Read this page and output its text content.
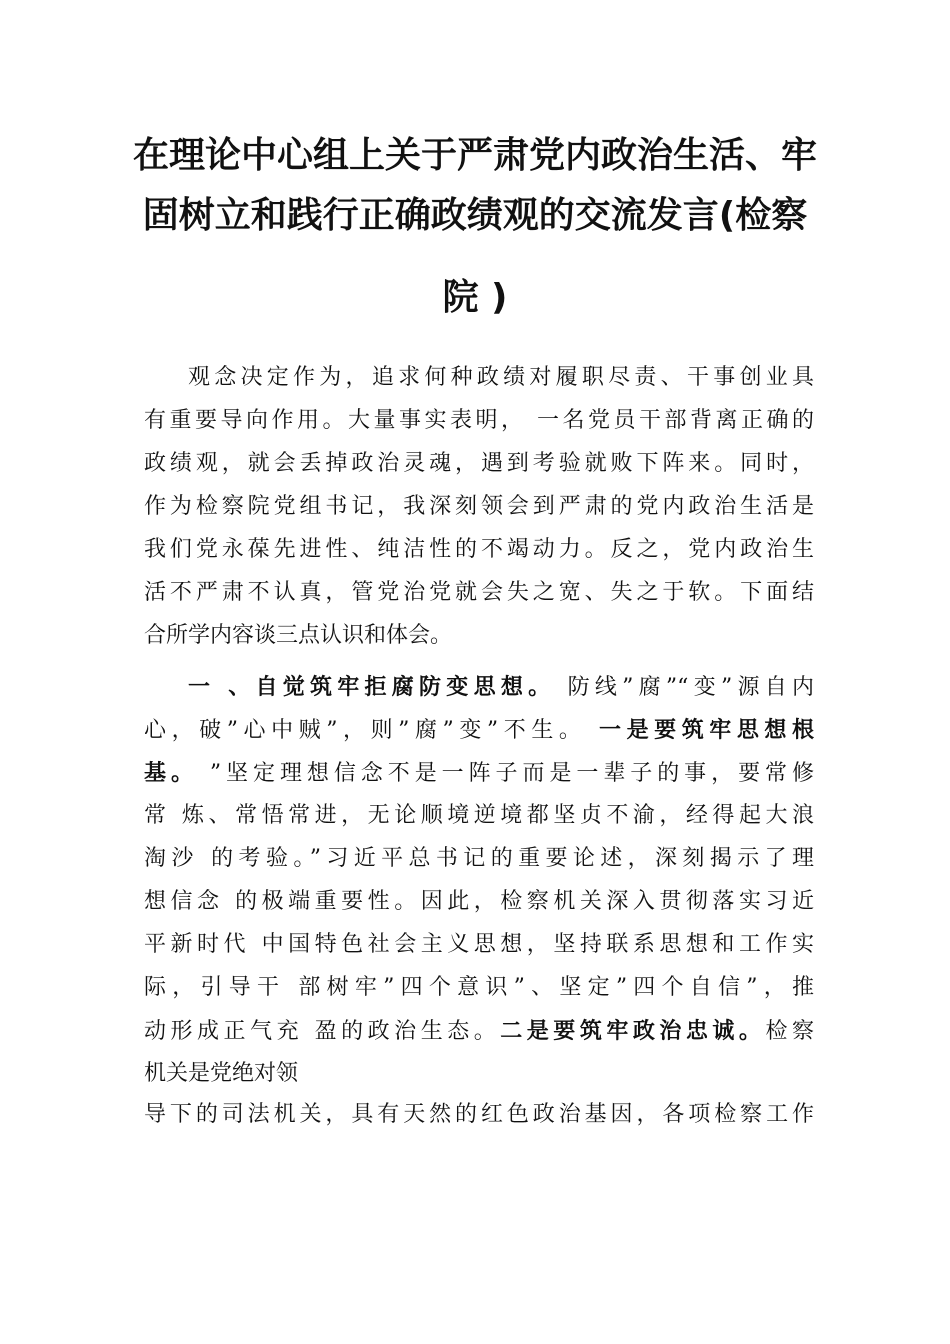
在理论中心组上关于严肃党内政治生活、牢
固树立和践行正确政绩观的交流发言(检察
院 )
观念决定作为，追求何种政绩对履职尽责、干事创业具
有重要导向作用。大量事实表明， 一名党员干部背离正确的
政绩观，就会丢掉政治灵魂，遇到考验就败下阵来。同时，
作为检察院党组书记，我深刻领会到严肃的党内政治生活是
我们党永葆先进性、纯洁性的不竭动力。反之，党内政治生
活不严肃不认真，管党治党就会失之宽、失之于软。下面结
合所学内容谈三点认识和体会。
一 、自觉筑牢拒腐防变思想。 防线”腐”“变”源自内
心，破”心中贼”，则”腐”变”不生。 一是要筑牢思想根
基。 ”坚定理想信念不是一阵子而是一辈子的事，要常修
常 炼、常悟常进，无论顺境逆境都坚贞不渝，经得起大浪
淘沙 的考验。”习近平总书记的重要论述，深刻揭示了理
想信念 的极端重要性。因此，检察机关深入贯彻落实习近
平新时代 中国特色社会主义思想，坚持联系思想和工作实
际，引导干 部树牢”四个意识”、坚定”四个自信”，推
动形成正气充 盈的政治生态。二是要筑牢政治忠诚。检察
机关是党绝对领
导下的司法机关，具有天然的红色政治基因，各项检察工作
